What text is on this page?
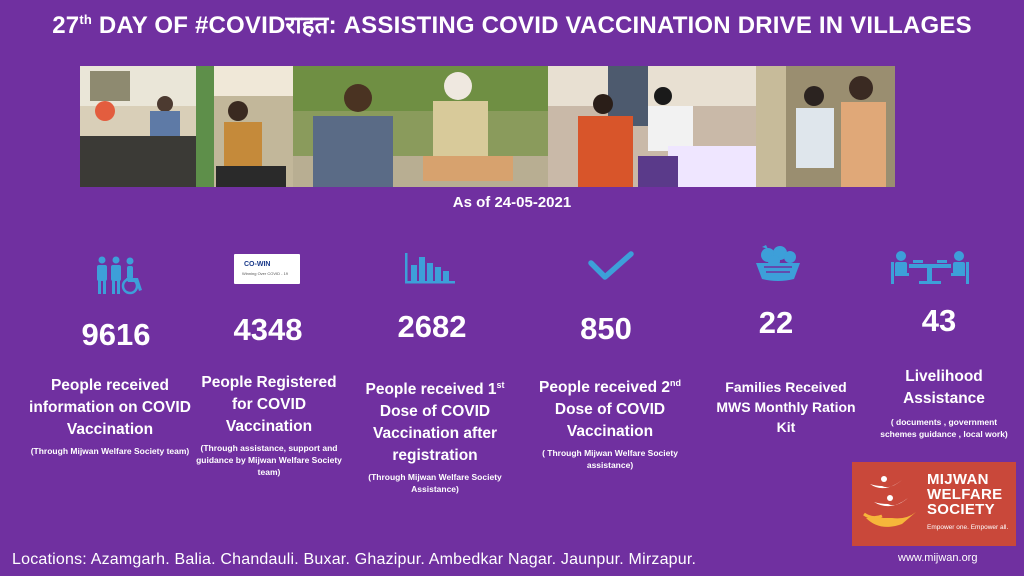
27th DAY OF #COVIDराहत: ASSISTING COVID VACCINATION DRIVE IN VILLAGES
As of 24-05-2021
CO-WIN
Winning Over COVID - 19
9616	4348	2682	850	22	43
People received information on COVID Vaccination
(Through Mijwan Welfare Society team)
People Registered for COVID Vaccination
(Through assistance, support and guidance by Mijwan Welfare Society team)
People received 1st Dose of COVID Vaccination after registration
(Through Mijwan Welfare Society Assistance)
People received 2nd Dose of COVID Vaccination
( Through Mijwan Welfare Society assistance)
Families Received MWS Monthly Ration Kit
Livelihood Assistance
( documents , government schemes guidance , local work)
MIJWAN
WELFARE
SOCIETY
Empower one. Empower all.
Locations: Azamgarh. Balia. Chandauli. Buxar. Ghazipur. Ambedkar Nagar. Jaunpur. Mirzapur.	www.mijwan.org
